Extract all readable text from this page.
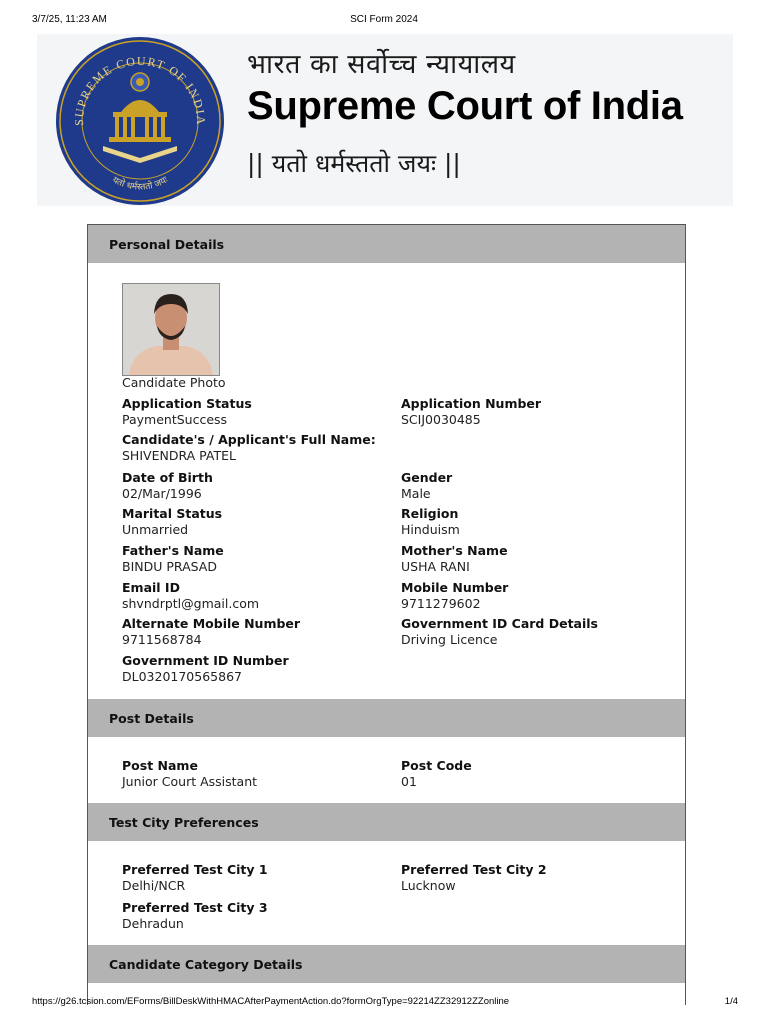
3/7/25, 11:23 AM	SCI Form 2024
SUPREME COURT OF INDIA
यतो धर्मस्ततो जयः
भारत का सर्वोच्च न्यायालय
Supreme Court of India
|| यतो धर्मस्ततो जयः ||
Personal Details
Candidate Photo
Application Status
PaymentSuccess
Application Number
SCIJ0030485
Candidate's / Applicant's Full Name:
SHIVENDRA PATEL
Date of Birth
02/Mar/1996
Gender
Male
Marital Status
Unmarried
Religion
Hinduism
Father's Name
BINDU PRASAD
Mother's Name
USHA RANI
Email ID
shvndrptl@gmail.com
Mobile Number
9711279602
Alternate Mobile Number
9711568784
Government ID Card Details
Driving Licence
Government ID Number
DL0320170565867
Post Details
Post Name
Junior Court Assistant
Post Code
01
Test City Preferences
Preferred Test City 1
Delhi/NCR
Preferred Test City 2
Lucknow
Preferred Test City 3
Dehradun
Candidate Category Details
https://g26.tcsion.com/EForms/BillDeskWithHMACAfterPaymentAction.do?formOrgType=92214ZZ32912ZZonline	1/4
